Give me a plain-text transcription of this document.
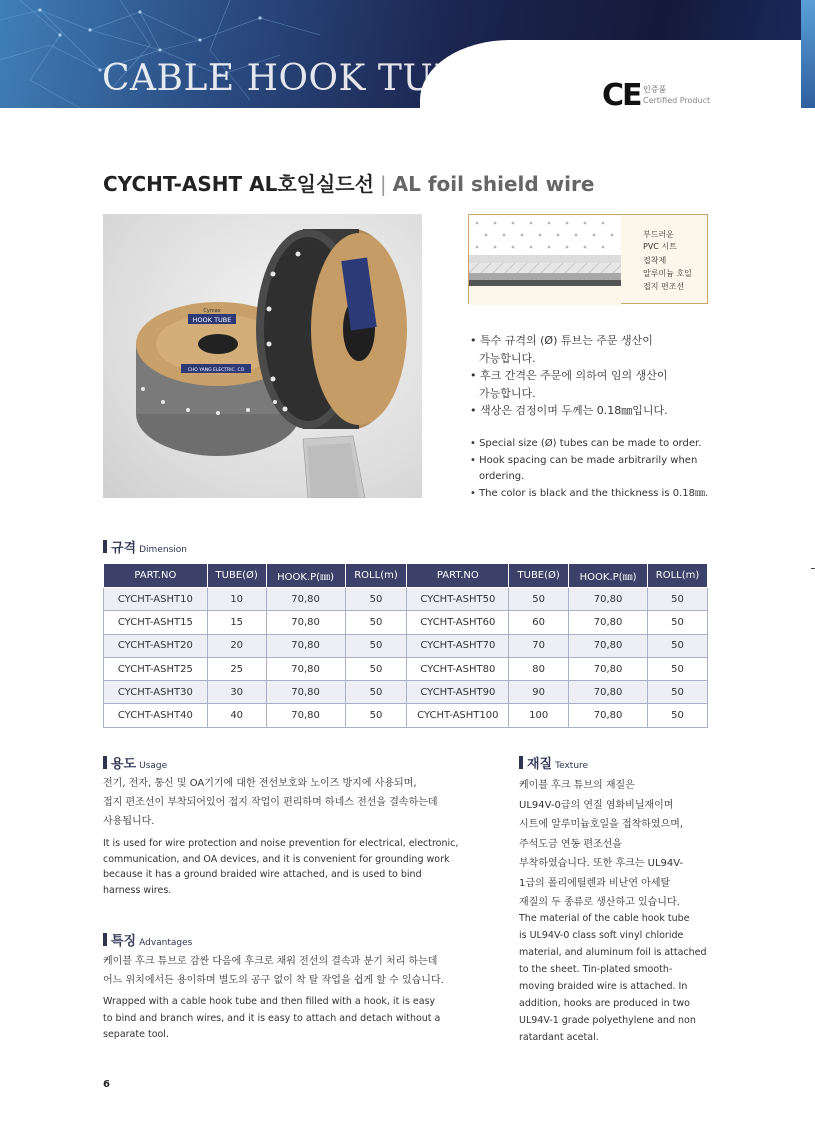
CABLE HOOK TUBE	CE 인증품
Certified Product
CYCHT-ASHT AL호일실드선 | AL foil shield wire
HOOK TUBE
Cymax
CHO YANG ELECTRIC. CO
부드러운
PVC 시트
접착제
알루미늄 호일
접지 편조선
• 특수 규격의 (Ø) 튜브는 주문 생산이
가능합니다.
• 후크 간격은 주문에 의하여 임의 생산이
가능합니다.
• 색상은 검정이며 두께는 0.18㎜입니다.
• Special size (Ø) tubes can be made to order.
• Hook spacing can be made arbitrarily when
ordering.
• The color is black and the thickness is 0.18㎜.
규격 Dimension
PART.NO	TUBE(Ø)	HOOK.P(㎜)	ROLL(m)	PART.NO	TUBE(Ø)	HOOK.P(㎜)	ROLL(m)
CYCHT-ASHT10	10	70,80	50	CYCHT-ASHT50	50	70,80	50
CYCHT-ASHT15	15	70,80	50	CYCHT-ASHT60	60	70,80	50
CYCHT-ASHT20	20	70,80	50	CYCHT-ASHT70	70	70,80	50
CYCHT-ASHT25	25	70,80	50	CYCHT-ASHT80	80	70,80	50
CYCHT-ASHT30	30	70,80	50	CYCHT-ASHT90	90	70,80	50
CYCHT-ASHT40	40	70,80	50	CYCHT-ASHT100	100	70,80	50
용도 Usage
전기, 전자, 통신 및 OA기기에 대한 전선보호와 노이즈 방지에 사용되며,
접지 편조선이 부착되어있어 접지 작업이 편리하며 하네스 전선을 결속하는데
사용됩니다.
It is used for wire protection and noise prevention for electrical, electronic,
communication, and OA devices, and it is convenient for grounding work
because it has a ground braided wire attached, and is used to bind
harness wires.
특징 Advantages
케이블 후크 튜브로 감싼 다음에 후크로 채워 전선의 결속과 분기 처리 하는데
어느 위치에서든 용이하며 별도의 공구 없이 착 탈 작업을 쉽게 할 수 있습니다.
Wrapped with a cable hook tube and then filled with a hook, it is easy
to bind and branch wires, and it is easy to attach and detach without a
separate tool.
재질 Texture
케이블 후크 튜브의 재질은
UL94V-0급의 연질 염화비닐재이며
시트에 알루미늄호일을 접착하였으며,
주석도금 연동 편조선을
부착하였습니다. 또한 후크는 UL94V-
1급의 폴리에틸렌과 비난연 아세탈
재질의 두 종류로 생산하고 있습니다.
The material of the cable hook tube
is UL94V-0 class soft vinyl chloride
material, and aluminum foil is attached
to the sheet. Tin-plated smooth-
moving braided wire is attached. In
addition, hooks are produced in two
UL94V-1 grade polyethylene and non
ratardant acetal.
6
